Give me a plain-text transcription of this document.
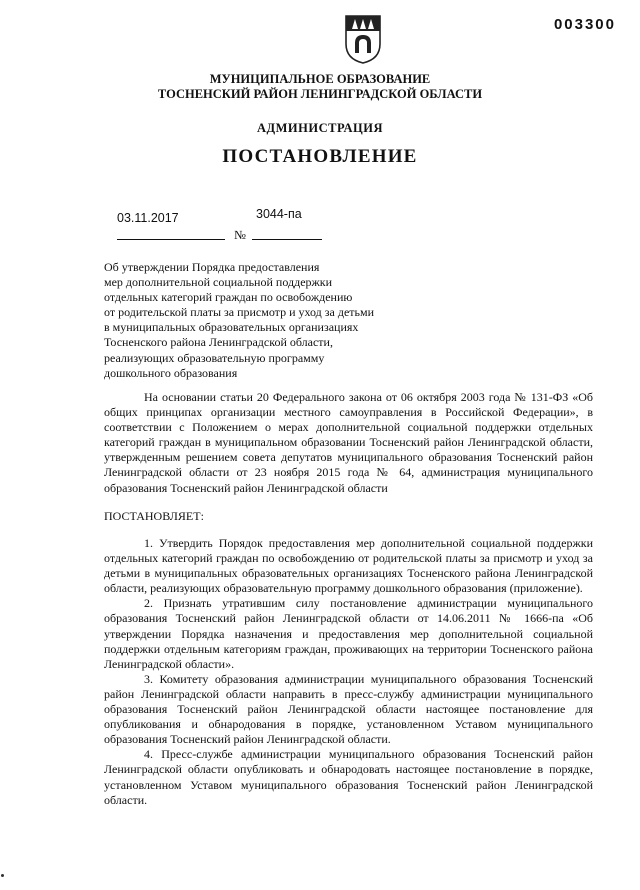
003300
МУНИЦИПАЛЬНОЕ ОБРАЗОВАНИЕ
ТОСНЕНСКИЙ РАЙОН ЛЕНИНГРАДСКОЙ ОБЛАСТИ
АДМИНИСТРАЦИЯ
ПОСТАНОВЛЕНИЕ
03.11.2017	3044-па
№
Об утверждении Порядка предоставления
мер дополнительной социальной поддержки
отдельных категорий граждан по освобождению
от родительской платы за присмотр и уход за детьми
в муниципальных образовательных организациях
Тосненского района Ленинградской области,
реализующих образовательную программу
дошкольного образования

На основании статьи 20 Федерального закона от 06 октября 2003 года № 131-ФЗ «Об общих принципах организации местного самоуправления в Российской Федерации», в соответствии с Положением о мерах дополнительной социальной поддержки отдельных категорий граждан в муниципальном образовании Тосненский район Ленинградской области, утвержденным решением совета депутатов муниципального образования Тосненский район Ленинградской области от 23 ноября 2015 года № 64, администрация муниципального образования Тосненский район Ленинградской области

ПОСТАНОВЛЯЕТ:

1. Утвердить Порядок предоставления мер дополнительной социальной поддержки отдельных категорий граждан по освобождению от родительской платы за присмотр и уход за детьми в муниципальных образовательных организациях Тосненского района Ленинградской области, реализующих образовательную программу дошкольного образования (приложение).

2. Признать утратившим силу постановление администрации муниципального образования Тосненский район Ленинградской области от 14.06.2011 № 1666-па «Об утверждении Порядка назначения и предоставления мер дополнительной социальной поддержки отдельным категориям граждан, проживающих на территории Тосненского района Ленинградской области».

3. Комитету образования администрации муниципального образования Тосненский район Ленинградской области направить в пресс-службу администрации муниципального образования Тосненский район Ленинградской области настоящее постановление для опубликования и обнародования в порядке, установленном Уставом муниципального образования Тосненский район Ленинградской области.

4. Пресс-службе администрации муниципального образования Тосненский район Ленинградской области опубликовать и обнародовать настоящее постановление в порядке, установленном Уставом муниципального образования Тосненский район Ленинградской области.
